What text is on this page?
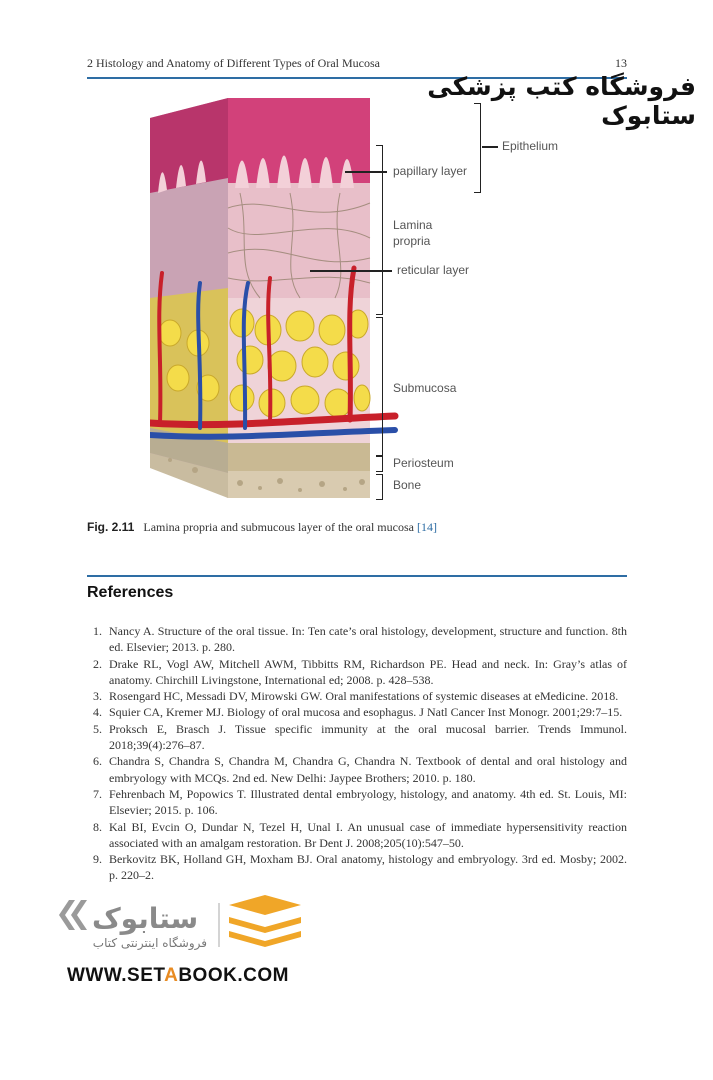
2 Histology and Anatomy of Different Types of Oral Mucosa	13
فروشگاه کتب پزشکی ستابوک
Epithelium
papillary layer
Lamina
propria
reticular layer
Submucosa
Periosteum
Bone
Fig. 2.11 Lamina propria and submucous layer of the oral mucosa [14]
References
1. Nancy A. Structure of the oral tissue. In: Ten cate’s oral histology, development, structure and function. 8th ed. Elsevier; 2013. p. 280.
2. Drake RL, Vogl AW, Mitchell AWM, Tibbitts RM, Richardson PE. Head and neck. In: Gray’s atlas of anatomy. Chirchill Livingstone, International ed; 2008. p. 428–538.
3. Rosengard HC, Messadi DV, Mirowski GW. Oral manifestations of systemic diseases at eMedicine. 2018.
4. Squier CA, Kremer MJ. Biology of oral mucosa and esophagus. J Natl Cancer Inst Monogr. 2001;29:7–15.
5. Proksch E, Brasch J. Tissue specific immunity at the oral mucosal barrier. Trends Immunol. 2018;39(4):276–87.
6. Chandra S, Chandra S, Chandra M, Chandra G, Chandra N. Textbook of dental and oral histology and embryology with MCQs. 2nd ed. New Delhi: Jaypee Brothers; 2010. p. 180.
7. Fehrenbach M, Popowics T. Illustrated dental embryology, histology, and anatomy. 4th ed. St. Louis, MI: Elsevier; 2015. p. 106.
8. Kal BI, Evcin O, Dundar N, Tezel H, Unal I. An unusual case of immediate hypersensitivity reaction associated with an amalgam restoration. Br Dent J. 2008;205(10):547–50.
9. Berkovitz BK, Holland GH, Moxham BJ. Oral anatomy, histology and embryology. 3rd ed. Mosby; 2002. p. 220–2.
ستابوک
فروشگاه اینترنتی کتاب
WWW.SETABOOK.COM
